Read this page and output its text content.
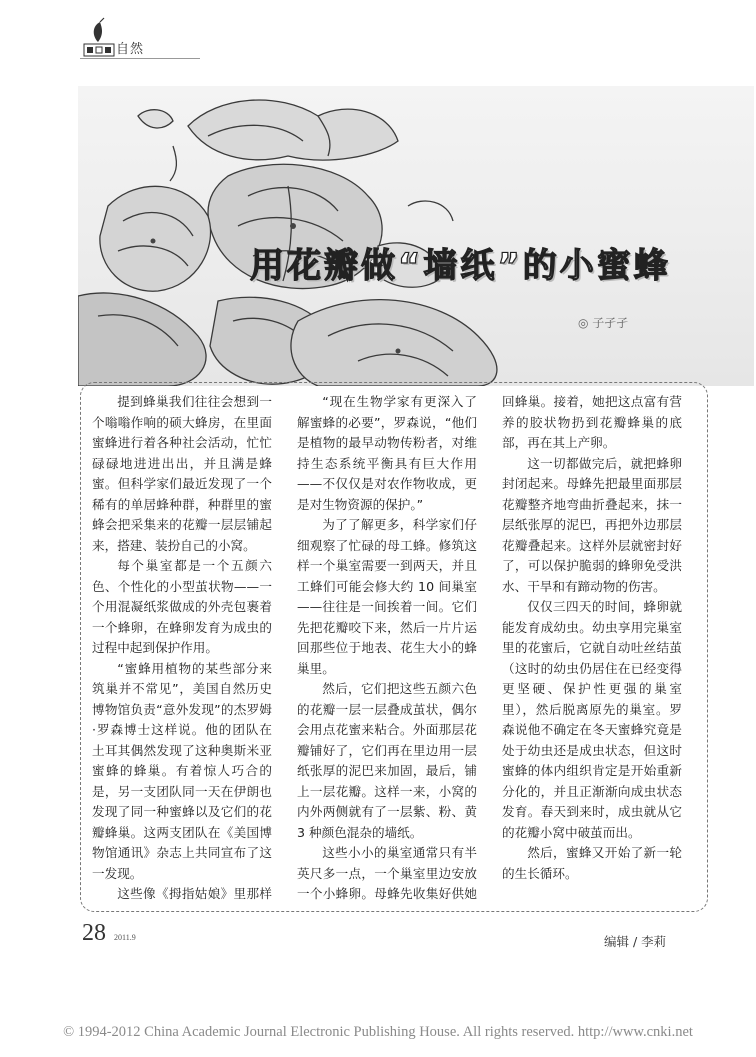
自然
用花瓣做“墙纸”的小蜜蜂
◎ 子孑孑

提到蜂巢我们往往会想到一个嗡嗡作响的硕大蜂房，在里面蜜蜂进行着各种社会活动，忙忙碌碌地进进出出，并且满是蜂蜜。但科学家们最近发现了一个稀有的单居蜂种群，种群里的蜜蜂会把采集来的花瓣一层层铺起来，搭建、装扮自己的小窝。

每个巢室都是一个五颜六色、个性化的小型茧状物——一个用混凝纸浆做成的外壳包裹着一个蜂卵，在蜂卵发育为成虫的过程中起到保护作用。

“蜜蜂用植物的某些部分来筑巢并不常见”，美国自然历史博物馆负责“意外发现”的杰罗姆·罗森博士这样说。他的团队在土耳其偶然发现了这种奥斯米亚蜜蜂的蜂巢。有着惊人巧合的是，另一支团队同一天在伊朗也发现了同一种蜜蜂以及它们的花瓣蜂巢。这两支团队在《美国博物馆通讯》杂志上共同宣布了这一发现。

这些像《拇指姑娘》里那样

“现在生物学家有更深入了解蜜蜂的必要”，罗森说，“他们是植物的最早动物传粉者，对维持生态系统平衡具有巨大作用——不仅仅是对农作物收成，更是对生物资源的保护。”

为了了解更多，科学家们仔细观察了忙碌的母工蜂。修筑这样一个巢室需要一到两天，并且工蜂们可能会修大约 10 间巢室——往往是一间挨着一间。它们先把花瓣咬下来，然后一片片运回那些位于地表、花生大小的蜂巢里。

然后，它们把这些五颜六色的花瓣一层一层叠成茧状，偶尔会用点花蜜来粘合。外面那层花瓣铺好了，它们再在里边用一层纸张厚的泥巴来加固，最后，铺上一层花瓣。这样一来，小窝的内外两侧就有了一层紫、粉、黄 3 种颜色混杂的墙纸。

这些小小的巢室通常只有半英尺多一点，一个巢室里边安放一个小蜂卵。母蜂先收集好供她

回蜂巢。接着，她把这点富有营养的胶状物扔到花瓣蜂巢的底部，再在其上产卵。

这一切都做完后，就把蜂卵封闭起来。母蜂先把最里面那层花瓣整齐地弯曲折叠起来，抹一层纸张厚的泥巴，再把外边那层花瓣叠起来。这样外层就密封好了，可以保护脆弱的蜂卵免受洪水、干旱和有蹄动物的伤害。

仅仅三四天的时间，蜂卵就能发育成幼虫。幼虫享用完巢室里的花蜜后，它就自动吐丝结茧（这时的幼虫仍居住在已经变得更坚硬、保护性更强的巢室里），然后脱离原先的巢室。罗森说他不确定在冬天蜜蜂究竟是处于幼虫还是成虫状态，但这时蜜蜂的体内组织肯定是开始重新分化的，并且正渐渐向成虫状态发育。春天到来时，成虫就从它的花瓣小窝中破茧而出。

然后，蜜蜂又开始了新一轮的生长循环。

编辑 / 李莉
28 2011.9
© 1994-2012 China Academic Journal Electronic Publishing House. All rights reserved. http://www.cnki.net
